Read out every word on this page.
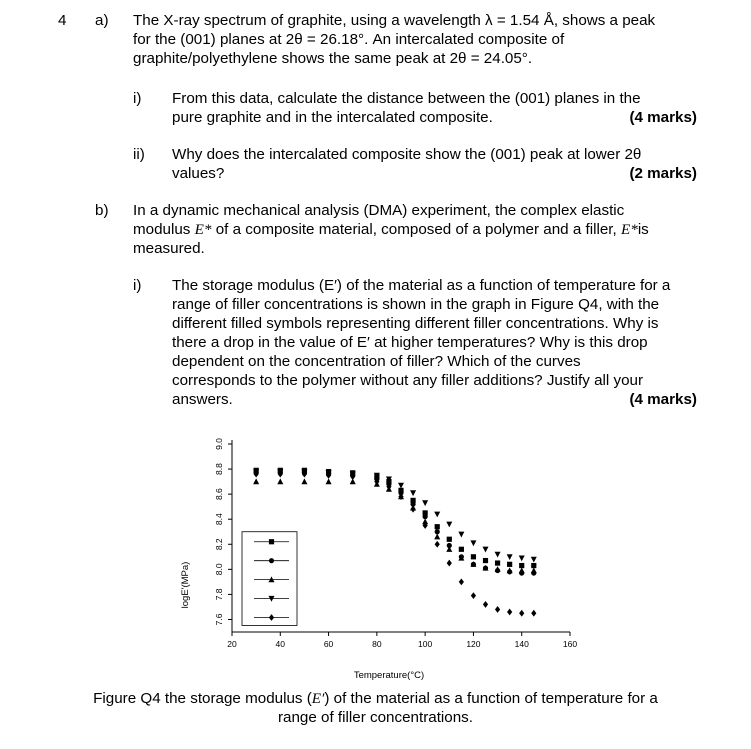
4 a) The X-ray spectrum of graphite, using a wavelength λ = 1.54 Å, shows a peak
for the (001) planes at 2θ = 26.18°. An intercalated composite of
graphite/polyethylene shows the same peak at 2θ = 24.05°.
i) From this data, calculate the distance between the (001) planes in the
pure graphite and in the intercalated composite.	(4 marks)
ii) Why does the intercalated composite show the (001) peak at lower 2θ
values?	(2 marks)
b) In a dynamic mechanical analysis (DMA) experiment, the complex elastic
modulus E* of a composite material, composed of a polymer and a filler, E*is
measured.
i) The storage modulus (E′) of the material as a function of temperature for a
range of filler concentrations is shown in the graph in Figure Q4, with the
different filled symbols representing different filler concentrations. Why is
there a drop in the value of E′ at higher temperatures? Why is this drop
dependent on the concentration of filler? Which of the curves
corresponds to the polymer without any filler additions? Justify all your
answers.	(4 marks)
9.0
8.8
8.6
8.4
8.2
8.0
7.8
7.6
20	40	60	80	100	120	140	160
Temperature(°C)
logE'(MPa)
Figure Q4 the storage modulus (E′) of the material as a function of temperature for a
range of filler concentrations.
